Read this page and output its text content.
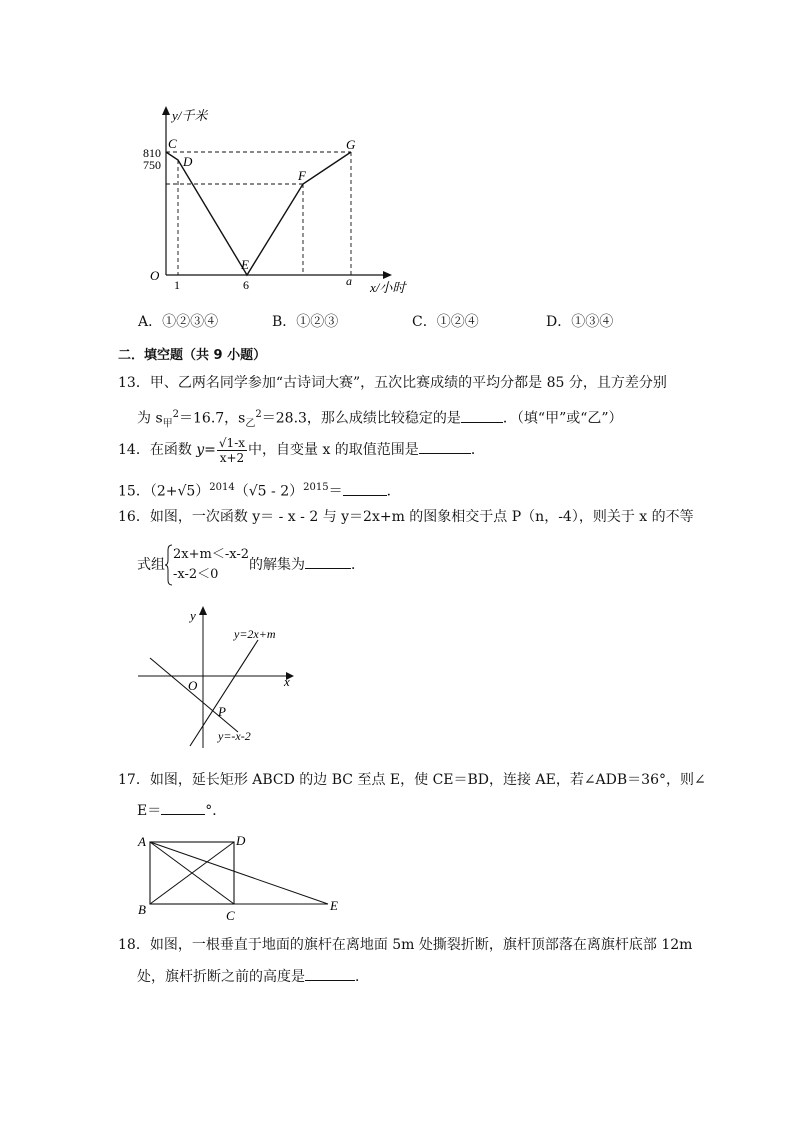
y/千米
x/小时
810
750
1	6	a
O
C
D
E
F
G
A．①②③④	B．①②③	C．①②④	D．①③④
二．填空题（共 9 小题）
13．甲、乙两名同学参加“古诗词大赛”，五次比赛成绩的平均分都是 85 分，且方差分别
为 $s_甲^2=16.7$，$s_乙^2=28.3$，那么成绩比较稳定的是	．（填“甲”或“乙”）
14．在函数 $y= \frac{√1-x}{x+2}$ 中，自变量 x 的取值范围是	．
15．$(2+√5)^{2014}(√5 - 2)^{2015}=$	．
16．如图，一次函数 y＝ - x - 2 与 y＝2x+m 的图象相交于点 P（n，-4），则关于 x 的不等
式组
2x+m＜-x-2
-x-2＜0
的解集为	．
y
x
O
P
y=2x+m
y=-x-2
17．如图，延长矩形 ABCD 的边 BC 至点 E，使 CE＝BD，连接 AE，若∠ADB＝36°，则∠
E＝	°．
A	D
B	C
E
18．如图，一根垂直于地面的旗杆在离地面 5m 处撕裂折断，旗杆顶部落在离旗杆底部 12m
处，旗杆折断之前的高度是	．
